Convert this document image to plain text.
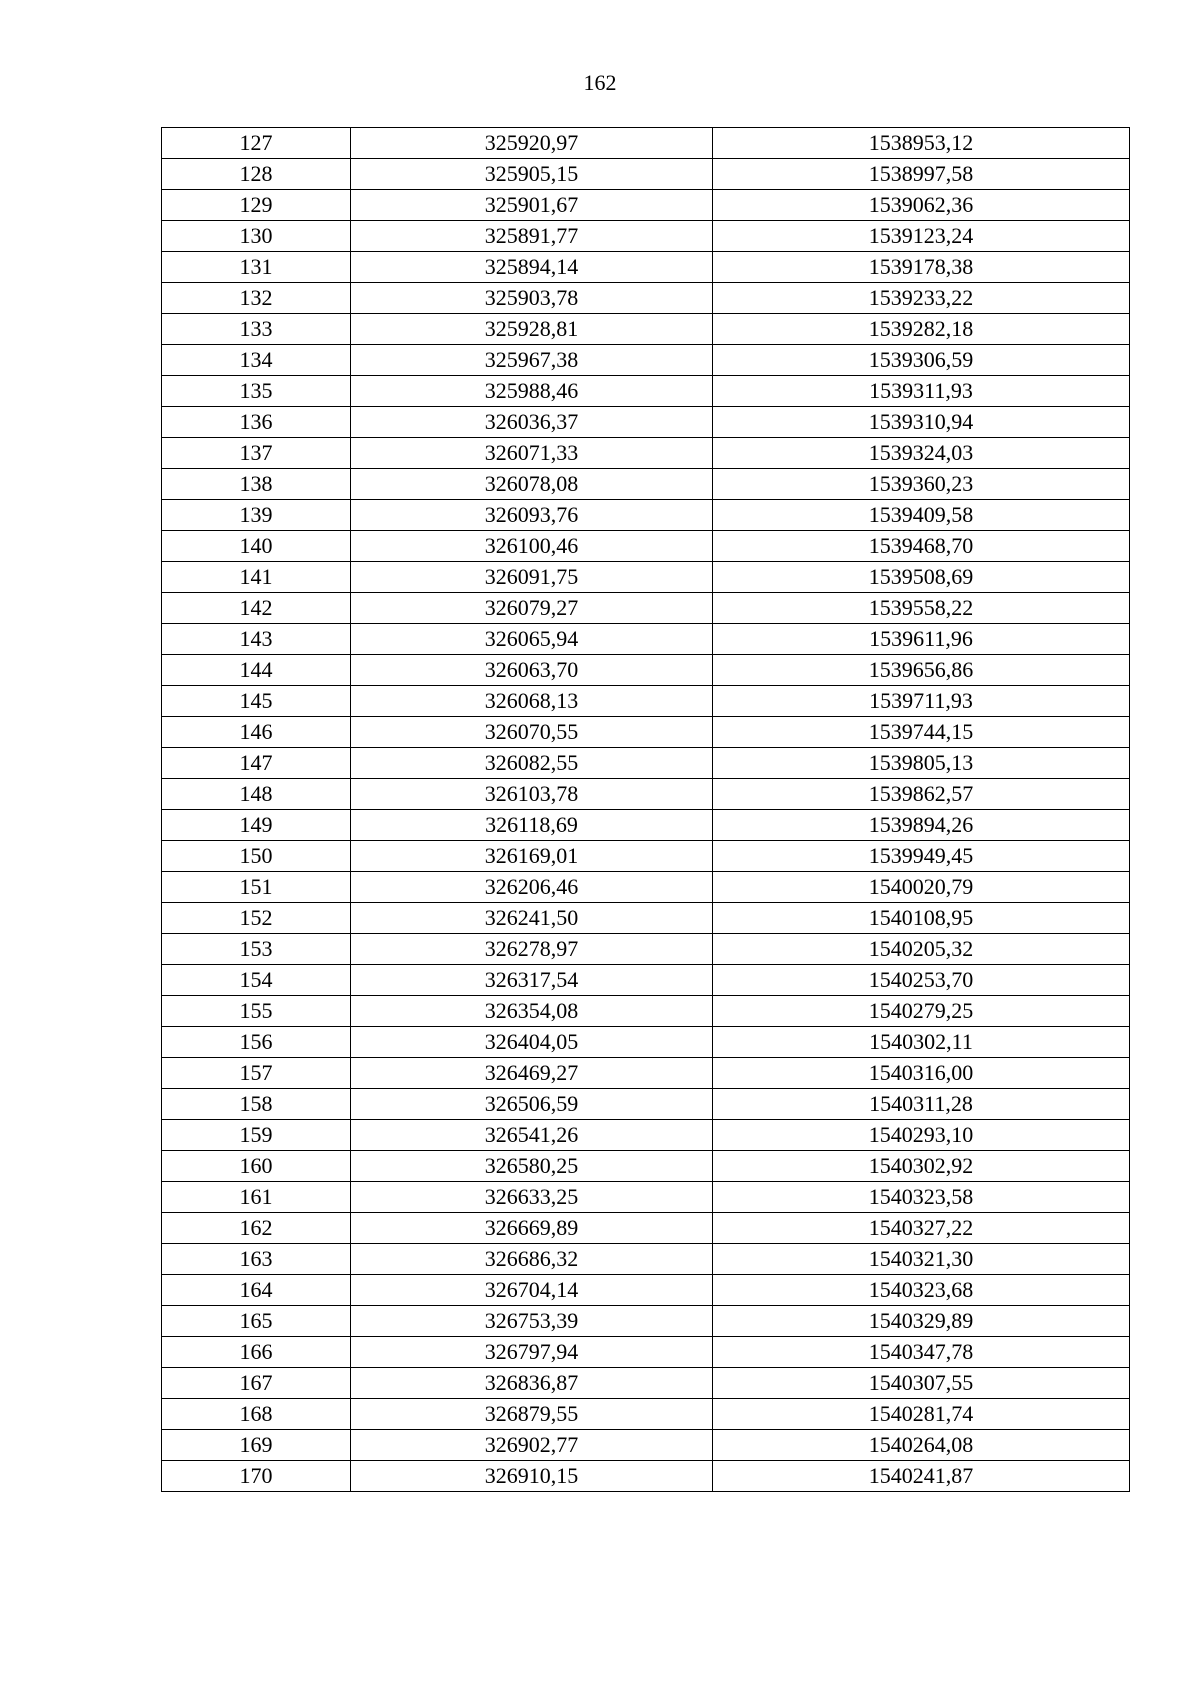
162
127	325920,97	1538953,12
128	325905,15	1538997,58
129	325901,67	1539062,36
130	325891,77	1539123,24
131	325894,14	1539178,38
132	325903,78	1539233,22
133	325928,81	1539282,18
134	325967,38	1539306,59
135	325988,46	1539311,93
136	326036,37	1539310,94
137	326071,33	1539324,03
138	326078,08	1539360,23
139	326093,76	1539409,58
140	326100,46	1539468,70
141	326091,75	1539508,69
142	326079,27	1539558,22
143	326065,94	1539611,96
144	326063,70	1539656,86
145	326068,13	1539711,93
146	326070,55	1539744,15
147	326082,55	1539805,13
148	326103,78	1539862,57
149	326118,69	1539894,26
150	326169,01	1539949,45
151	326206,46	1540020,79
152	326241,50	1540108,95
153	326278,97	1540205,32
154	326317,54	1540253,70
155	326354,08	1540279,25
156	326404,05	1540302,11
157	326469,27	1540316,00
158	326506,59	1540311,28
159	326541,26	1540293,10
160	326580,25	1540302,92
161	326633,25	1540323,58
162	326669,89	1540327,22
163	326686,32	1540321,30
164	326704,14	1540323,68
165	326753,39	1540329,89
166	326797,94	1540347,78
167	326836,87	1540307,55
168	326879,55	1540281,74
169	326902,77	1540264,08
170	326910,15	1540241,87
